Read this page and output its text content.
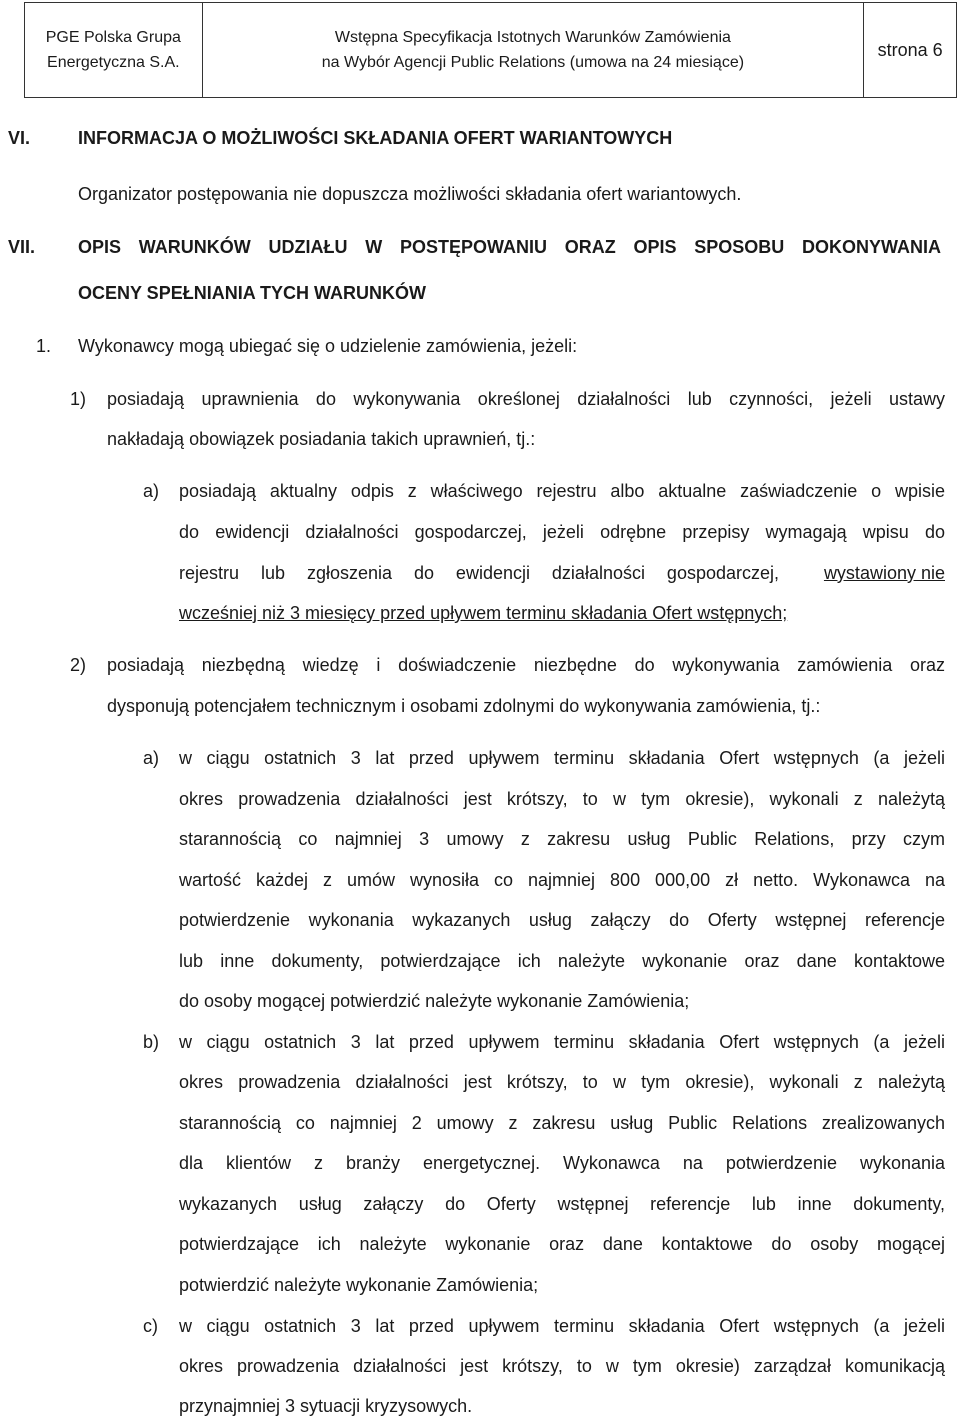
PGE Polska Grupa
Energetyczna S.A.
Wstępna Specyfikacja Istotnych Warunków Zamówienia
na Wybór Agencji Public Relations (umowa na 24 miesiące)
strona 6
VI.	INFORMACJA O MOŻLIWOŚCI SKŁADANIA OFERT WARIANTOWYCH
Organizator postępowania nie dopuszcza możliwości składania ofert wariantowych.
VII. OPIS WARUNKÓW UDZIAŁU W POSTĘPOWANIU ORAZ OPIS SPOSOBU DOKONYWANIA
OCENY SPEŁNIANIA TYCH WARUNKÓW
1. Wykonawcy mogą ubiegać się o udzielenie zamówienia, jeżeli:
1) posiadają uprawnienia do wykonywania określonej działalności lub czynności, jeżeli ustawy
nakładają obowiązek posiadania takich uprawnień, tj.:
a) posiadają aktualny odpis z właściwego rejestru albo aktualne zaświadczenie o wpisie
do ewidencji działalności gospodarczej, jeżeli odrębne przepisy wymagają wpisu do
rejestru lub zgłoszenia do ewidencji działalności gospodarczej, wystawiony nie
wcześniej niż 3 miesięcy przed upływem terminu składania Ofert wstępnych;
2) posiadają niezbędną wiedzę i doświadczenie niezbędne do wykonywania zamówienia oraz
dysponują potencjałem technicznym i osobami zdolnymi do wykonywania zamówienia, tj.:
a) w ciągu ostatnich 3 lat przed upływem terminu składania Ofert wstępnych (a jeżeli
okres prowadzenia działalności jest krótszy, to w tym okresie), wykonali z należytą
starannością co najmniej 3 umowy z zakresu usług Public Relations, przy czym
wartość każdej z umów wynosiła co najmniej 800 000,00 zł netto. Wykonawca na
potwierdzenie wykonania wykazanych usług załączy do Oferty wstępnej referencje
lub inne dokumenty, potwierdzające ich należyte wykonanie oraz dane kontaktowe
do osoby mogącej potwierdzić należyte wykonanie Zamówienia;
b) w ciągu ostatnich 3 lat przed upływem terminu składania Ofert wstępnych (a jeżeli
okres prowadzenia działalności jest krótszy, to w tym okresie), wykonali z należytą
starannością co najmniej 2 umowy z zakresu usług Public Relations zrealizowanych
dla klientów z branży energetycznej. Wykonawca na potwierdzenie wykonania
wykazanych usług załączy do Oferty wstępnej referencje lub inne dokumenty,
potwierdzające ich należyte wykonanie oraz dane kontaktowe do osoby mogącej
potwierdzić należyte wykonanie Zamówienia;
c) w ciągu ostatnich 3 lat przed upływem terminu składania Ofert wstępnych (a jeżeli
okres prowadzenia działalności jest krótszy, to w tym okresie) zarządzał komunikacją
przynajmniej 3 sytuacji kryzysowych.
